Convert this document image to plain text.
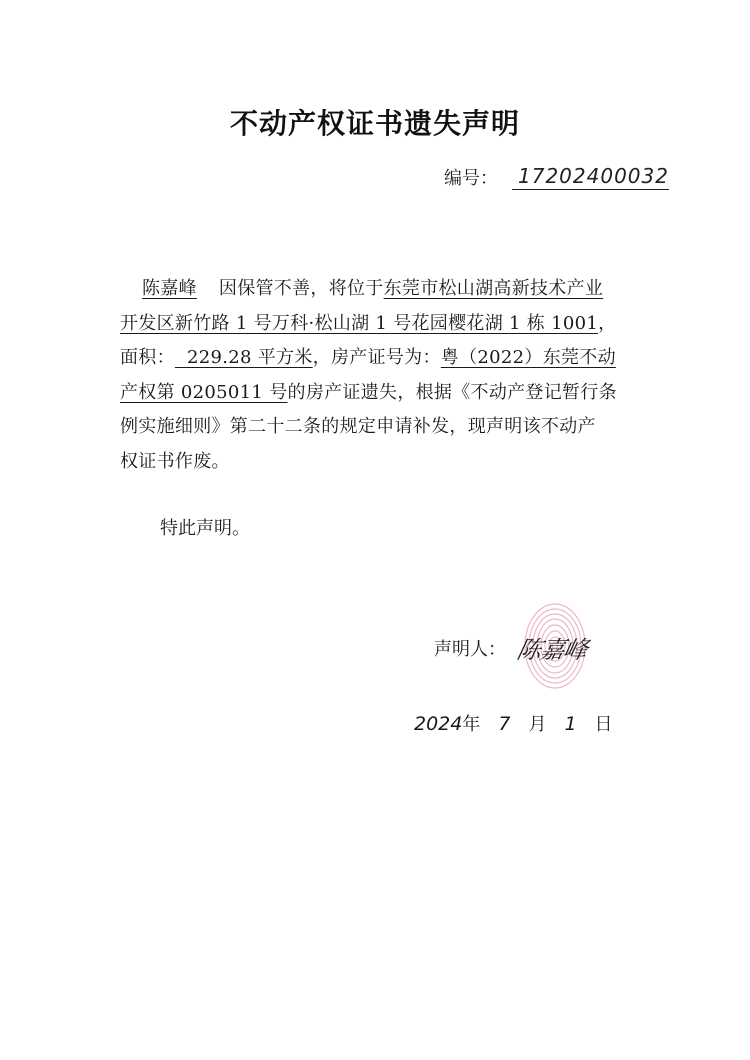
不动产权证书遗失声明
编号：	17202400032
陈嘉峰 因保管不善，将位于东莞市松山湖高新技术产业
开发区新竹路 1 号万科·松山湖 1 号花园樱花湖 1 栋 1001，
面积： 229.28 平方米，房产证号为：粤（2022）东莞不动
产权第 0205011 号的房产证遗失，根据《不动产登记暂行条
例实施细则》第二十二条的规定申请补发，现声明该不动产
权证书作废。
特此声明。
声明人： 陈嘉峰
2024 年 7 月 1 日
